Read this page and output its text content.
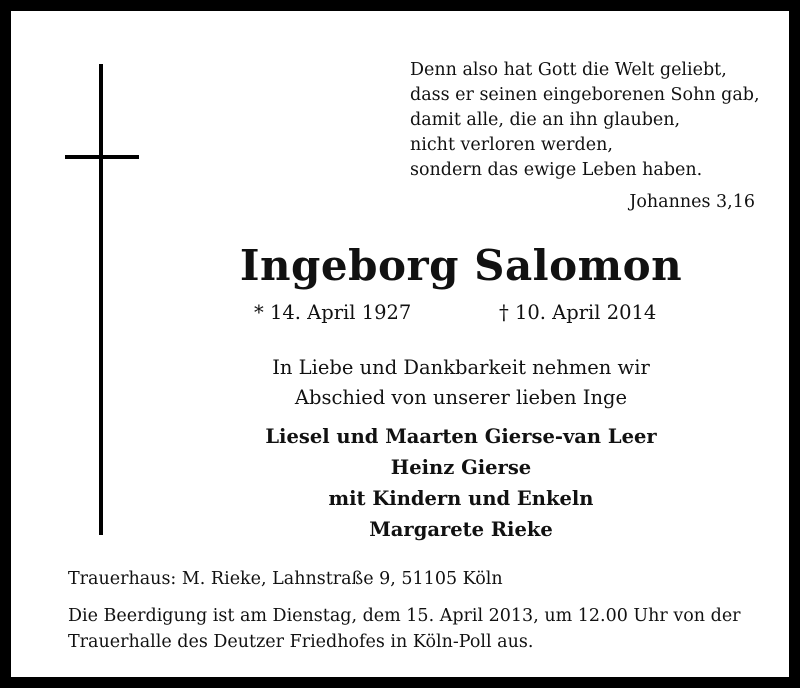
Denn also hat Gott die Welt geliebt,
dass er seinen eingeborenen Sohn gab,
damit alle, die an ihn glauben,
nicht verloren werden,
sondern das ewige Leben haben.
Johannes 3,16
Ingeborg Salomon
* 14. April 1927	† 10. April 2014
In Liebe und Dankbarkeit nehmen wir
Abschied von unserer lieben Inge
Liesel und Maarten Gierse-van Leer
Heinz Gierse
mit Kindern und Enkeln
Margarete Rieke
Trauerhaus: M. Rieke, Lahnstraße 9, 51105 Köln
Die Beerdigung ist am Dienstag, dem 15. April 2013, um 12.00 Uhr von der
Trauerhalle des Deutzer Friedhofes in Köln-Poll aus.
